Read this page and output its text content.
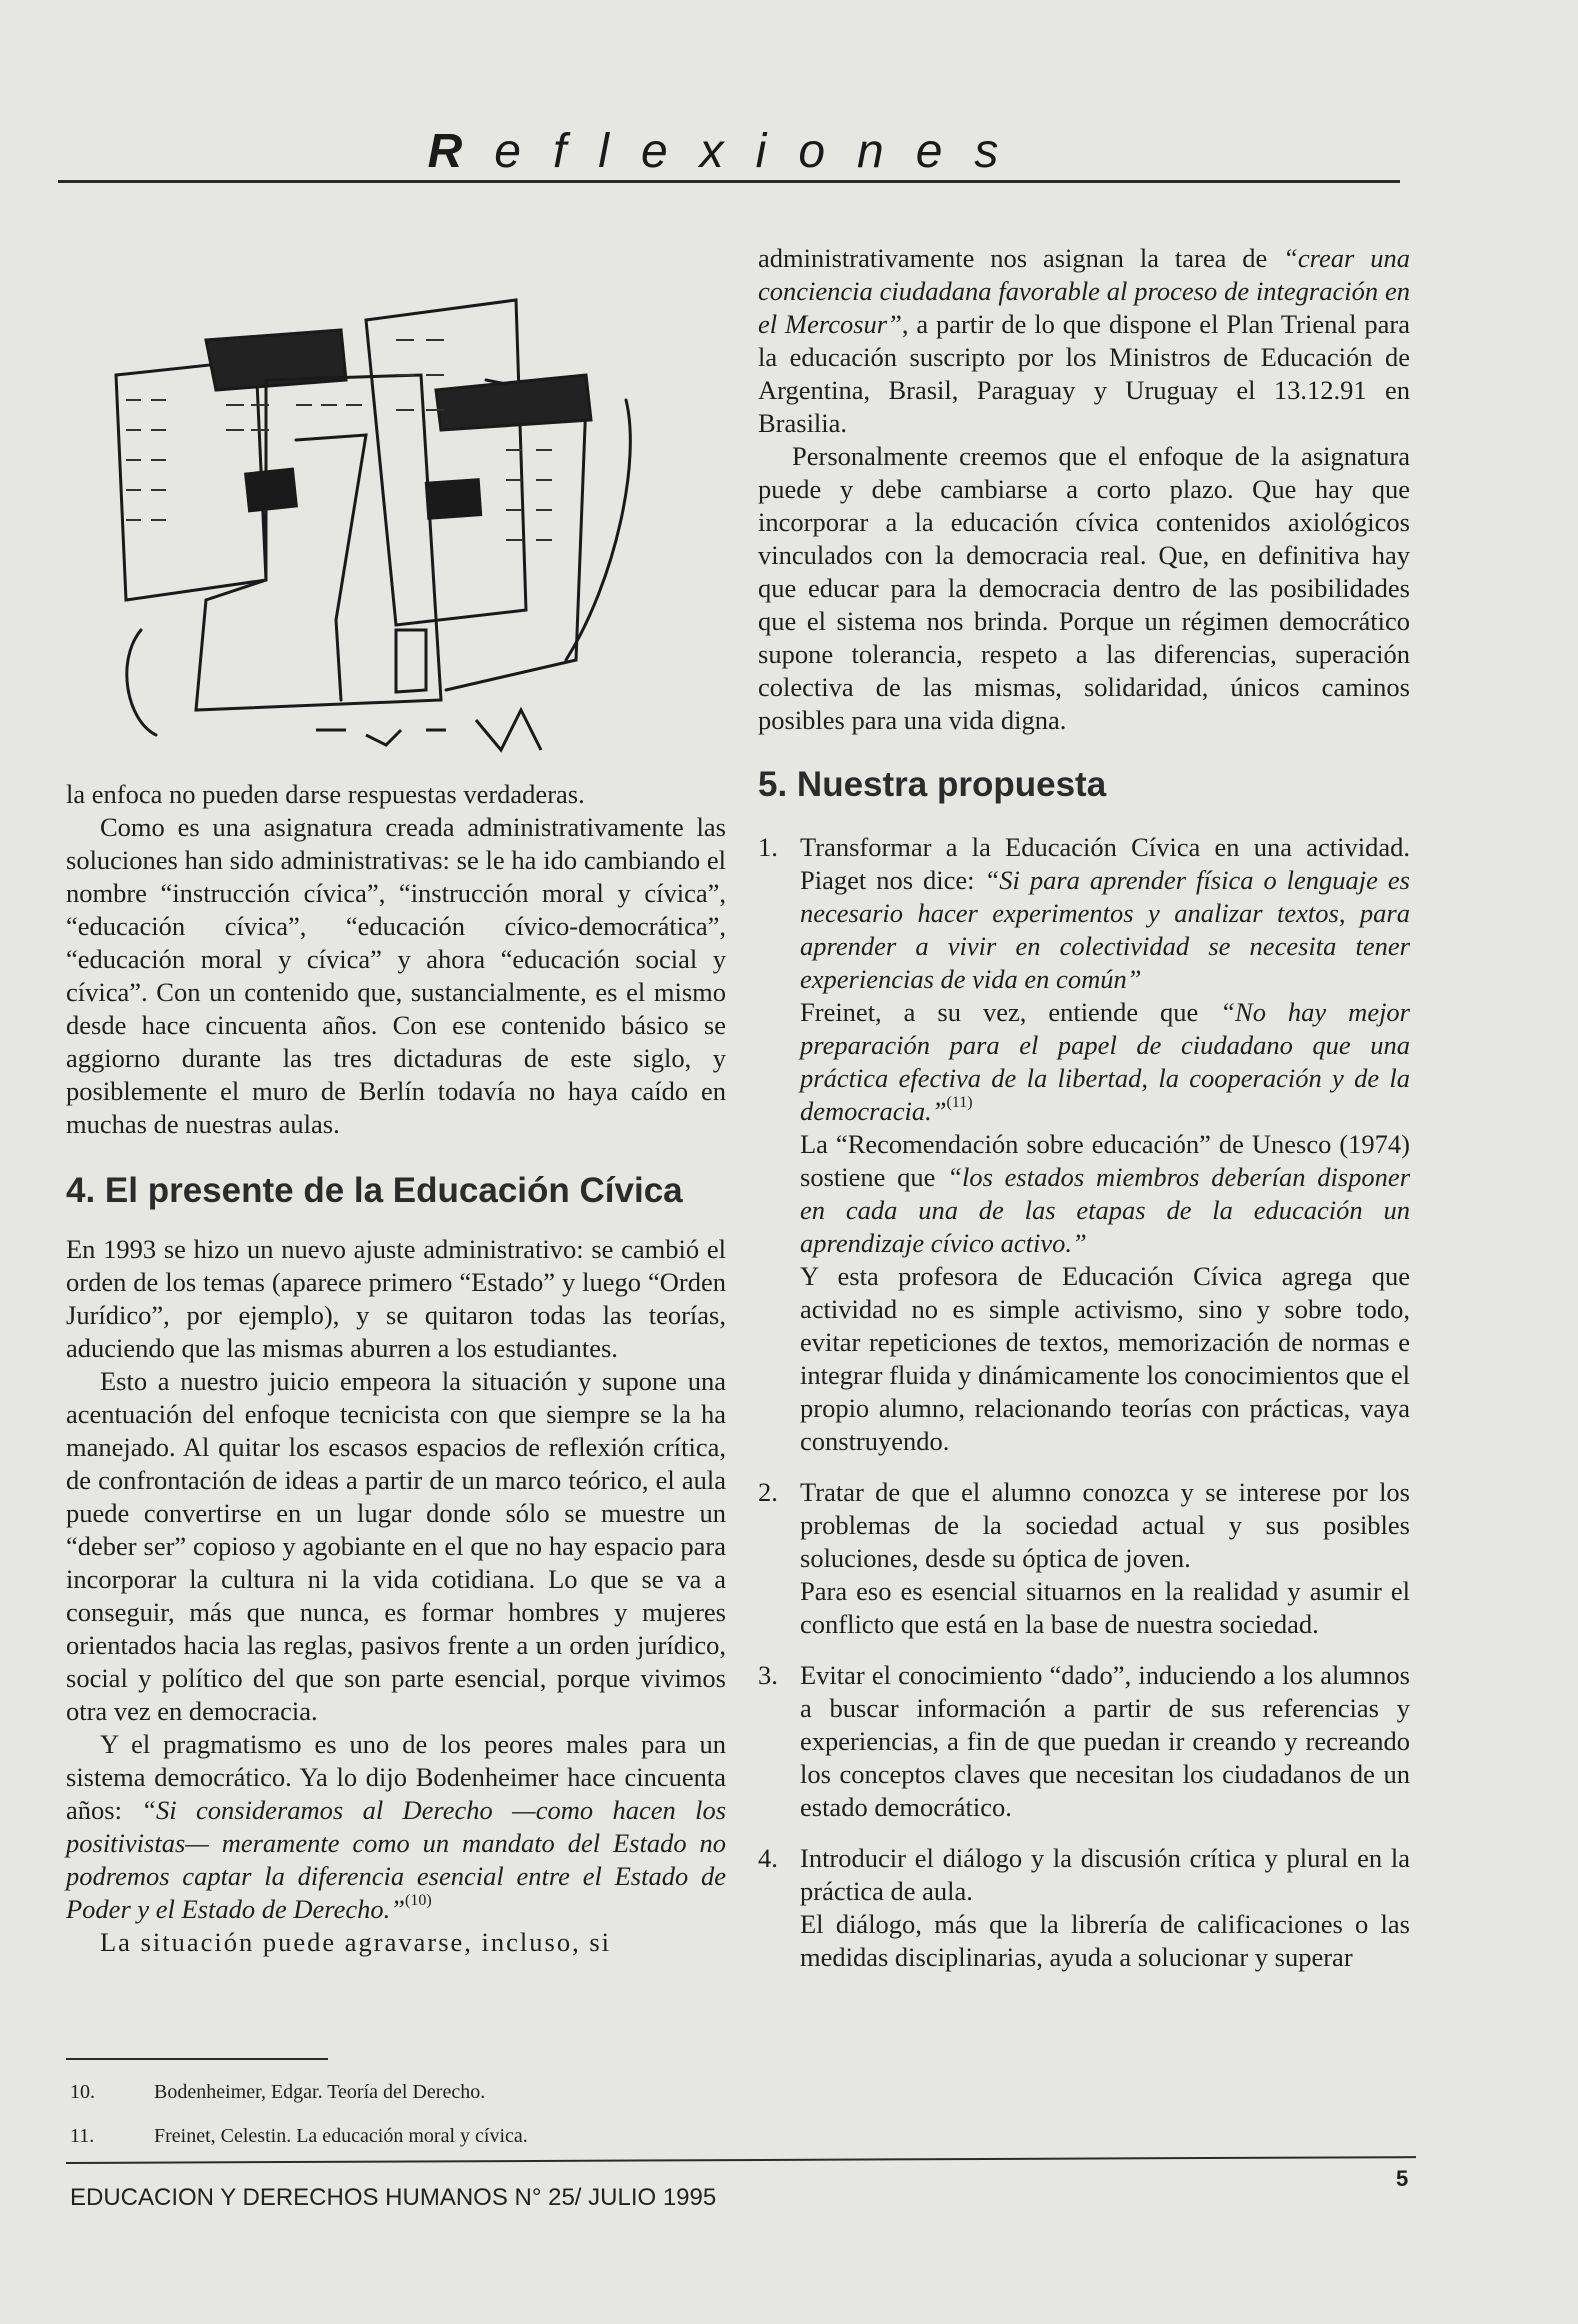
Reflexiones

la enfoca no pueden darse respuestas verdaderas.

Como es una asignatura creada administrativamente las soluciones han sido administrativas: se le ha ido cambiando el nombre “instrucción cívica”, “instrucción moral y cívica”, “educación cívica”, “educación cívico-democrática”, “educación moral y cívica” y ahora “educación social y cívica”. Con un contenido que, sustancialmente, es el mismo desde hace cincuenta años. Con ese contenido básico se aggiorno durante las tres dictaduras de este siglo, y posiblemente el muro de Berlín todavía no haya caído en muchas de nuestras aulas.

4. El presente de la Educación Cívica

En 1993 se hizo un nuevo ajuste administrativo: se cambió el orden de los temas (aparece primero “Estado” y luego “Orden Jurídico”, por ejemplo), y se quitaron todas las teorías, aduciendo que las mismas aburren a los estudiantes.

Esto a nuestro juicio empeora la situación y supone una acentuación del enfoque tecnicista con que siempre se la ha manejado. Al quitar los escasos espacios de reflexión crítica, de confrontación de ideas a partir de un marco teórico, el aula puede convertirse en un lugar donde sólo se muestre un “deber ser” copioso y agobiante en el que no hay espacio para incorporar la cultura ni la vida cotidiana. Lo que se va a conseguir, más que nunca, es formar hombres y mujeres orientados hacia las reglas, pasivos frente a un orden jurídico, social y político del que son parte esencial, porque vivimos otra vez en democracia.

Y el pragmatismo es uno de los peores males para un sistema democrático. Ya lo dijo Bodenheimer hace cincuenta años: “Si consideramos al Derecho —como hacen los positivistas— meramente como un mandato del Estado no podremos captar la diferencia esencial entre el Estado de Poder y el Estado de Derecho.”$^{(10)}$

La situación puede agravarse, incluso, si

administrativamente nos asignan la tarea de “crear una conciencia ciudadana favorable al proceso de integración en el Mercosur”, a partir de lo que dispone el Plan Trienal para la educación suscripto por los Ministros de Educación de Argentina, Brasil, Paraguay y Uruguay el 13.12.91 en Brasilia.

Personalmente creemos que el enfoque de la asignatura puede y debe cambiarse a corto plazo. Que hay que incorporar a la educación cívica contenidos axiológicos vinculados con la democracia real. Que, en definitiva hay que educar para la democracia dentro de las posibilidades que el sistema nos brinda. Porque un régimen democrático supone tolerancia, respeto a las diferencias, superación colectiva de las mismas, solidaridad, únicos caminos posibles para una vida digna.

5. Nuestra propuesta
1. Transformar a la Educación Cívica en una actividad. Piaget nos dice: “Si para aprender física o lenguaje es necesario hacer experimentos y analizar textos, para aprender a vivir en colectividad se necesita tener experiencias de vida en común”

Freinet, a su vez, entiende que “No hay mejor preparación para el papel de ciudadano que una práctica efectiva de la libertad, la cooperación y de la democracia.”$^{(11)}$

La “Recomendación sobre educación” de Unesco (1974) sostiene que “los estados miembros deberían disponer en cada una de las etapas de la educación un aprendizaje cívico activo.”

Y esta profesora de Educación Cívica agrega que actividad no es simple activismo, sino y sobre todo, evitar repeticiones de textos, memorización de normas e integrar fluida y dinámicamente los conocimientos que el propio alumno, relacionando teorías con prácticas, vaya construyendo.

2. Tratar de que el alumno conozca y se interese por los problemas de la sociedad actual y sus posibles soluciones, desde su óptica de joven.

Para eso es esencial situarnos en la realidad y asumir el conflicto que está en la base de nuestra sociedad.

3. Evitar el conocimiento “dado”, induciendo a los alumnos a buscar información a partir de sus referencias y experiencias, a fin de que puedan ir creando y recreando los conceptos claves que necesitan los ciudadanos de un estado democrático.

4. Introducir el diálogo y la discusión crítica y plural en la práctica de aula.

El diálogo, más que la librería de calificaciones o las medidas disciplinarias, ayuda a solucionar y superar

10.	Bodenheimer, Edgar. Teoría del Derecho.
11.	Freinet, Celestin. La educación moral y cívica.
EDUCACION Y DERECHOS HUMANOS N° 25/ JULIO 1995
5
